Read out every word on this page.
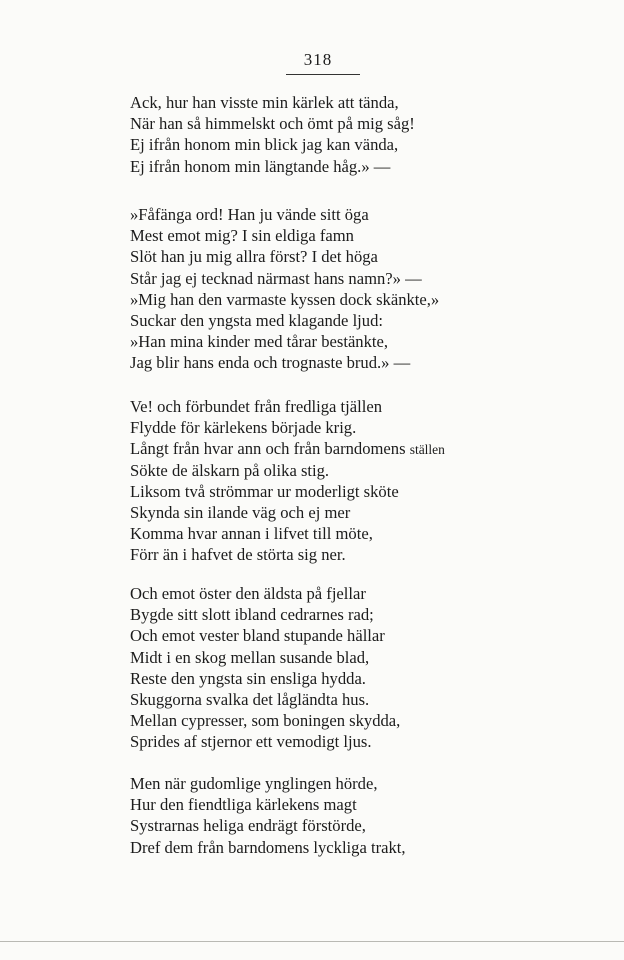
318
Ack, hur han visste min kärlek att tända,
När han så himmelskt och ömt på mig såg!
Ej ifrån honom min blick jag kan vända,
Ej ifrån honom min längtande håg.» —
»Fåfänga ord! Han ju vände sitt öga
Mest emot mig? I sin eldiga famn
Slöt han ju mig allra först? I det höga
Står jag ej tecknad närmast hans namn?» —
»Mig han den varmaste kyssen dock skänkte,»
Suckar den yngsta med klagande ljud:
»Han mina kinder med tårar bestänkte,
Jag blir hans enda och trognaste brud.» —
Ve! och förbundet från fredliga tjällen
Flydde för kärlekens började krig.
Långt från hvar ann och från barndomens ställen
Sökte de älskarn på olika stig.
Liksom två strömmar ur moderligt sköte
Skynda sin ilande väg och ej mer
Komma hvar annan i lifvet till möte,
Förr än i hafvet de störta sig ner.
Och emot öster den äldsta på fjellar
Bygde sitt slott ibland cedrarnes rad;
Och emot vester bland stupande hällar
Midt i en skog mellan susande blad,
Reste den yngsta sin ensliga hydda.
Skuggorna svalka det lågländta hus.
Mellan cypresser, som boningen skydda,
Sprides af stjernor ett vemodigt ljus.
Men när gudomlige ynglingen hörde,
Hur den fiendtliga kärlekens magt
Systrarnas heliga endrägt förstörde,
Dref dem från barndomens lyckliga trakt,
